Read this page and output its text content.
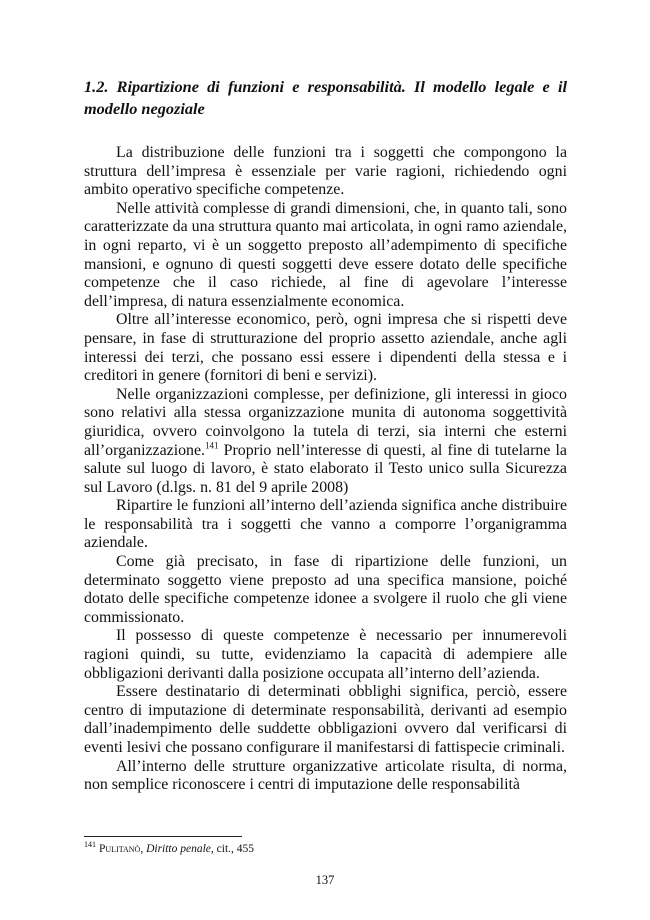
1.2. Ripartizione di funzioni e responsabilità. Il modello legale e il modello negoziale

La distribuzione delle funzioni tra i soggetti che compongono la struttura dell’impresa è essenziale per varie ragioni, richiedendo ogni ambito operativo specifiche competenze.

Nelle attività complesse di grandi dimensioni, che, in quanto tali, sono caratterizzate da una struttura quanto mai articolata, in ogni ramo aziendale, in ogni reparto, vi è un soggetto preposto all’adempimento di specifiche mansioni, e ognuno di questi soggetti deve essere dotato delle specifiche competenze che il caso richiede, al fine di agevolare l’interesse dell’impresa, di natura essenzialmente economica.

Oltre all’interesse economico, però, ogni impresa che si rispetti deve pensare, in fase di strutturazione del proprio assetto aziendale, anche agli interessi dei terzi, che possano essi essere i dipendenti della stessa e i creditori in genere (fornitori di beni e servizi).

Nelle organizzazioni complesse, per definizione, gli interessi in gioco sono relativi alla stessa organizzazione munita di autonoma soggettività giuridica, ovvero coinvolgono la tutela di terzi, sia interni che esterni all’organizzazione.$^{141}$ Proprio nell’interesse di questi, al fine di tutelarne la salute sul luogo di lavoro, è stato elaborato il Testo unico sulla Sicurezza sul Lavoro (d.lgs. n. 81 del 9 aprile 2008)

Ripartire le funzioni all’interno dell’azienda significa anche distribuire le responsabilità tra i soggetti che vanno a comporre l’organigramma aziendale.

Come già precisato, in fase di ripartizione delle funzioni, un determinato soggetto viene preposto ad una specifica mansione, poiché dotato delle specifiche competenze idonee a svolgere il ruolo che gli viene commissionato.

Il possesso di queste competenze è necessario per innumerevoli ragioni quindi, su tutte, evidenziamo la capacità di adempiere alle obbligazioni derivanti dalla posizione occupata all’interno dell’azienda.

Essere destinatario di determinati obblighi significa, perciò, essere centro di imputazione di determinate responsabilità, derivanti ad esempio dall’inadempimento delle suddette obbligazioni ovvero dal verificarsi di eventi lesivi che possano configurare il manifestarsi di fattispecie criminali.

All’interno delle strutture organizzative articolate risulta, di norma, non semplice riconoscere i centri di imputazione delle responsabilità

$^{141}$ Pulitanò, Diritto penale, cit., 455

137
